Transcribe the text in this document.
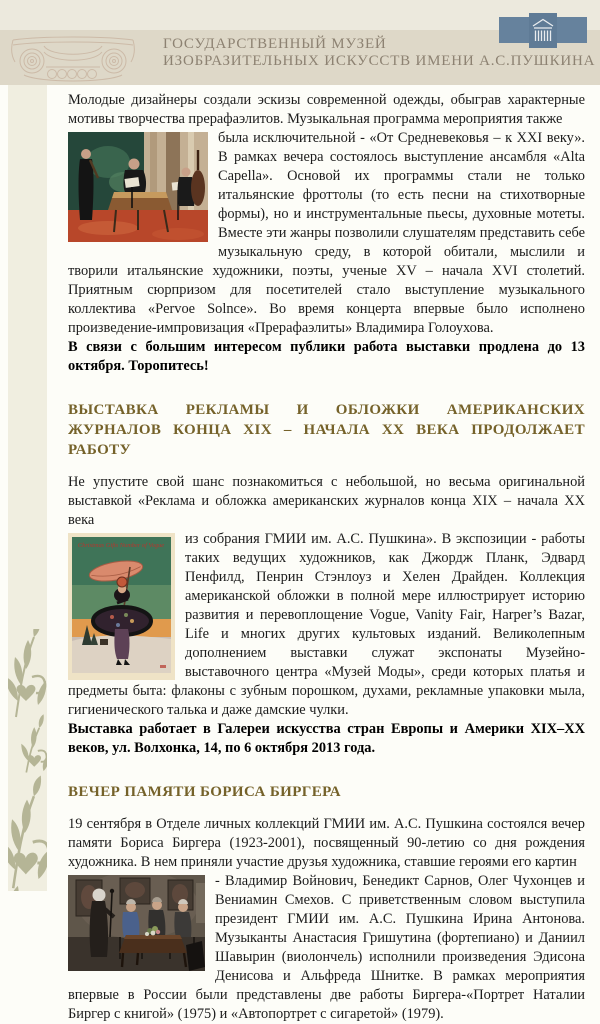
ГОСУДАРСТВЕННЫЙ МУЗЕЙ
ИЗОБРАЗИТЕЛЬНЫХ ИСКУССТВ ИМЕНИ А.С.ПУШКИНА

Молодые дизайнеры создали эскизы современной одежды, обыграв характерные мотивы творчества прерафаэлитов. Музыкальная программа мероприятия также

была исключительной - «От Средневековья – к XXI веку». В рамках вечера состоялось выступление ансамбля «Alta Capella». Основой их программы стали не только итальянские фроттолы (то есть песни на стихотворные формы), но и инструментальные пьесы, духовные мотеты. Вместе эти жанры позволили слушателям представить себе музыкальную среду, в которой обитали, мыслили и творили итальянские художники, поэты, ученые XV – начала XVI столетий. Приятным сюрпризом для посетителей стало выступление музыкального коллектива «Pervoe Solnce». Во время концерта впервые было исполнено произведение-импровизация «Прерафаэлиты» Владимира Голоухова.

В связи с большим интересом публики работа выставки продлена до 13 октября. Торопитесь!

ВЫСТАВКА РЕКЛАМЫ И ОБЛОЖКИ АМЕРИКАНСКИХ ЖУРНАЛОВ КОНЦА XIX – НАЧАЛА XX ВЕКА ПРОДОЛЖАЕТ РАБОТУ

Не упустите свой шанс познакомиться с небольшой, но весьма оригинальной выставкой «Реклама и обложка американских журналов конца XIX – начала XX века

Christmas Gifts Number of Vogue	из собрания ГМИИ им. А.С. Пушкина». В экспозиции - работы таких ведущих художников, как Джордж Планк, Эдвард Пенфилд, Пенрин Стэнлоуз и Хелен Драйден. Коллекция американской обложки в полной мере иллюстрирует историю развития и перевоплощение Vogue, Vanity Fair, Harper’s Bazar, Life и многих других культовых изданий. Великолепным дополнением выставки служат экспонаты Музейно-выставочного центра «Музей Моды», среди которых платья и предметы быта: флаконы с зубным порошком, духами, рекламные упаковки мыла, гигиенического талька и даже дамские чулки.

Выставка работает в Галереи искусства стран Европы и Америки XIX–XX веков, ул. Волхонка, 14, по 6 октября 2013 года.

ВЕЧЕР ПАМЯТИ БОРИСА БИРГЕРА

19 сентября в Отделе личных коллекций ГМИИ им. А.С. Пушкина состоялся вечер памяти Бориса Биргера (1923-2001), посвященный 90-летию со дня рождения художника. В нем приняли участие друзья художника, ставшие героями его картин

- Владимир Войнович, Бенедикт Сарнов, Олег Чухонцев и Вениамин Смехов. С приветственным словом выступила президент ГМИИ им. А.С. Пушкина Ирина Антонова. Музыканты Анастасия Гришутина (фортепиано) и Даниил Шавырин (виолончель) исполнили произведения Эдисона Денисова и Альфреда Шнитке. В рамках мероприятия впервые в России были представлены две работы Биргера-«Портрет Наталии Биргер с книгой» (1975) и «Автопортрет с сигаретой» (1979).
